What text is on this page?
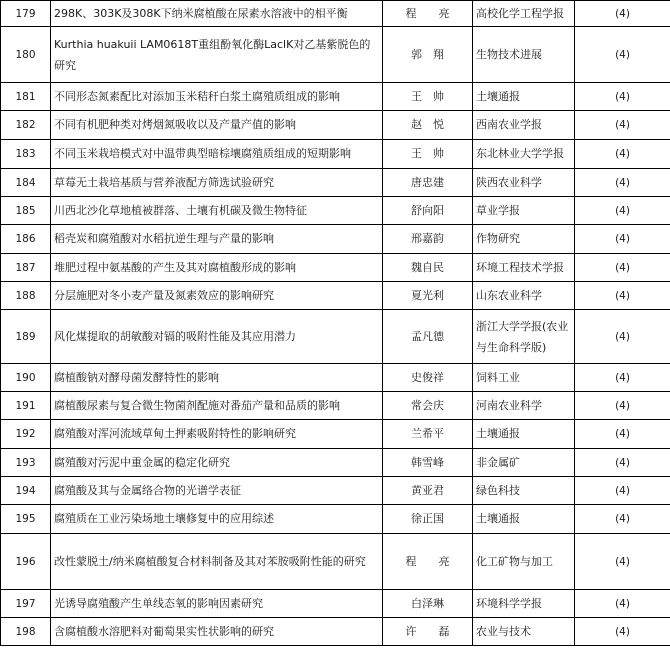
179	298K、303K及308K下纳米腐植酸在尿素水溶液中的相平衡	程　　亮	高校化学工程学报	(4)
180	Kurthia huakuii LAM0618T重组酚氧化酶LaclK对乙基紫脱色的研究	郭　翔	生物技术进展	(4)
181	不同形态氮素配比对添加玉米秸秆白浆土腐殖质组成的影响	王　帅	土壤通报	(4)
182	不同有机肥种类对烤烟氮吸收以及产量产值的影响	赵　悦	西南农业学报	(4)
183	不同玉米栽培模式对中温带典型暗棕壤腐殖质组成的短期影响	王　帅	东北林业大学学报	(4)
184	草莓无土栽培基质与营养液配方筛选试验研究	唐忠建	陕西农业科学	(4)
185	川西北沙化草地植被群落、土壤有机碳及微生物特征	舒向阳	草业学报	(4)
186	稻壳炭和腐殖酸对水稻抗逆生理与产量的影响	邢嘉韵	作物研究	(4)
187	堆肥过程中氨基酸的产生及其对腐植酸形成的影响	魏自民	环境工程技术学报	(4)
188	分层施肥对冬小麦产量及氮素效应的影响研究	夏光利	山东农业科学	(4)
189	风化煤提取的胡敏酸对镉的吸附性能及其应用潜力	孟凡德	浙江大学学报(农业与生命科学版)	(4)
190	腐植酸钠对酵母菌发酵特性的影响	史俊祥	饲料工业	(4)
191	腐植酸尿素与复合微生物菌剂配施对番茄产量和品质的影响	常会庆	河南农业科学	(4)
192	腐殖酸对浑河流域草甸土押素吸附特性的影响研究	兰希平	土壤通报	(4)
193	腐殖酸对污泥中重金属的稳定化研究	韩雪峰	非金属矿	(4)
194	腐殖酸及其与金属络合物的光谱学表征	黄亚君	绿色科技	(4)
195	腐殖质在工业污染场地土壤修复中的应用综述	徐正国	土壤通报	(4)
196	改性蒙脱土/纳米腐植酸复合材料制备及其对苯胺吸附性能的研究	程　　亮	化工矿物与加工	(4)
197	光诱导腐殖酸产生单线态氧的影响因素研究	白泽琳	环境科学学报	(4)
198	含腐植酸水溶肥料对葡萄果实性状影响的研究	许　　磊	农业与技术	(4)
